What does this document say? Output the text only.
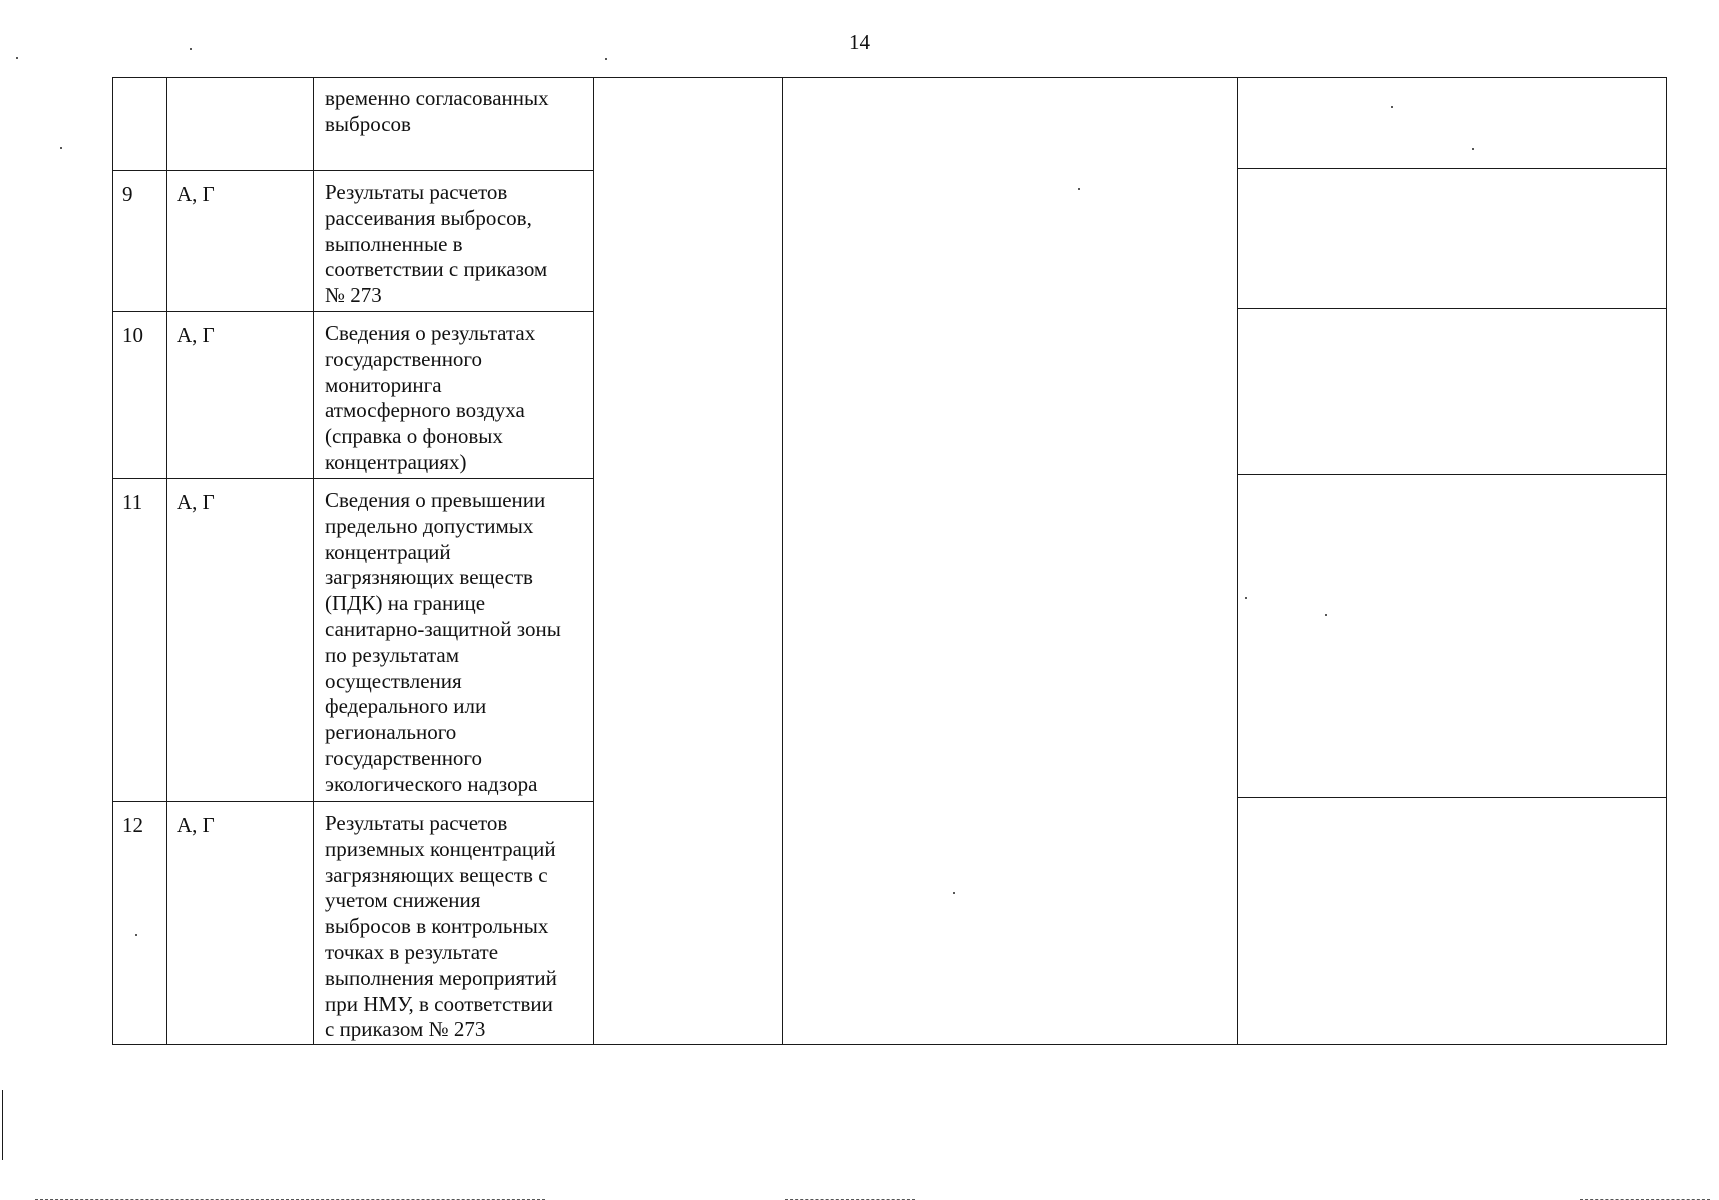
14
временно согласованных
выбросов
9	А, Г	Результаты расчетов
рассеивания выбросов,
выполненные в
соответствии с приказом
№ 273
10	А, Г	Сведения о результатах
государственного
мониторинга
атмосферного воздуха
(справка о фоновых
концентрациях)
11	А, Г	Сведения о превышении
предельно допустимых
концентраций
загрязняющих веществ
(ПДК) на границе
санитарно-защитной зоны
по результатам
осуществления
федерального или
регионального
государственного
экологического надзора
12	А, Г	Результаты расчетов
приземных концентраций
загрязняющих веществ с
учетом снижения
выбросов в контрольных
точках в результате
выполнения мероприятий
при НМУ, в соответствии
с приказом № 273
